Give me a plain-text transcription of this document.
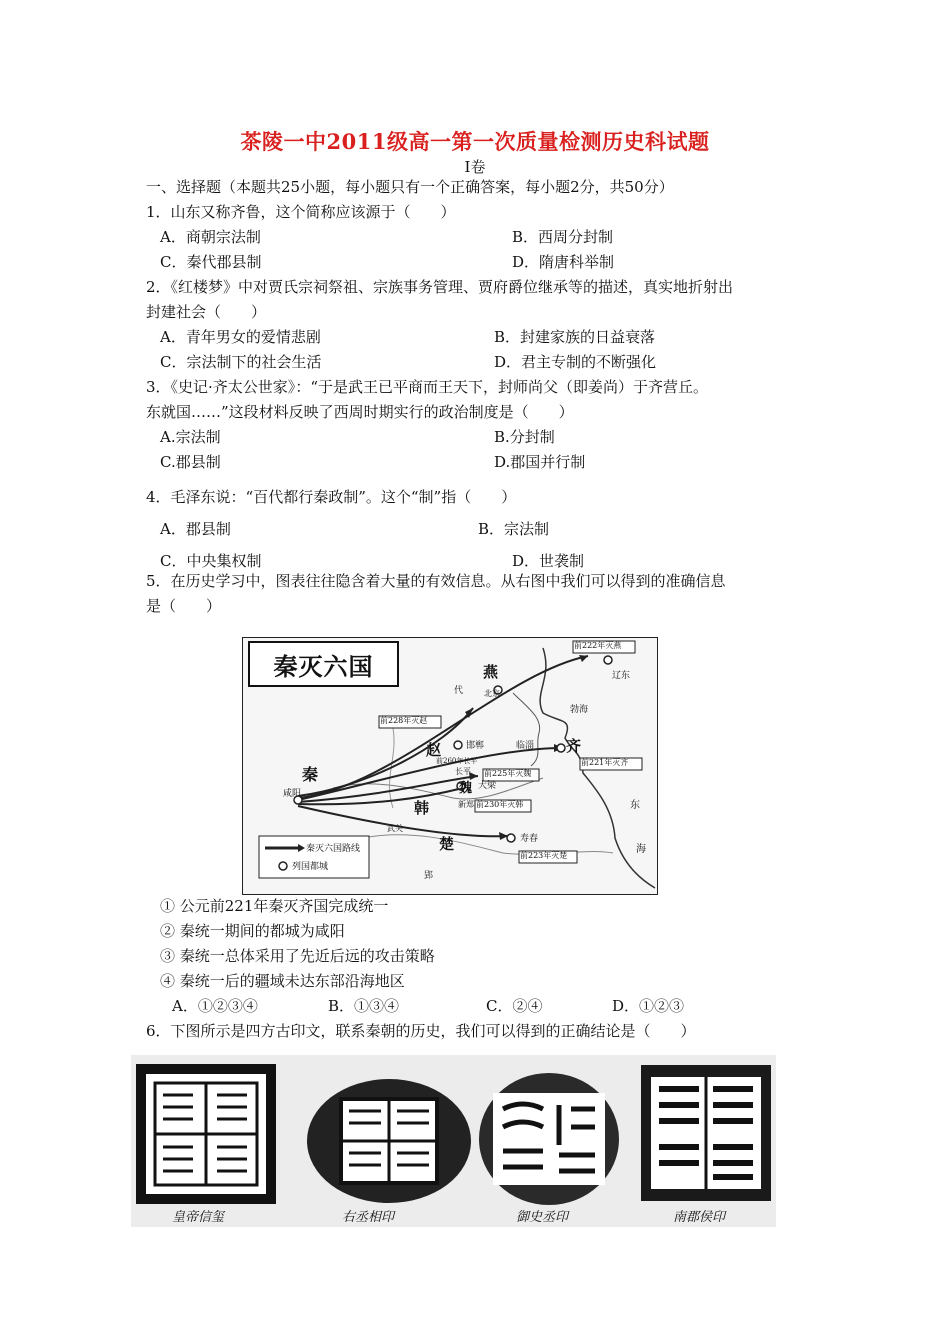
茶陵一中2011级高一第一次质量检测历史科试题
I卷
一、选择题（本题共25小题，每小题只有一个正确答案，每小题2分，共50分）
1．山东又称齐鲁，这个简称应该源于（　　）
A．商朝宗法制	B．西周分封制
C．秦代郡县制	D．隋唐科举制
2．《红楼梦》中对贾氏宗祠祭祖、宗族事务管理、贾府爵位继承等的描述，真实地折射出
封建社会（　　）
A．青年男女的爱情悲剧	B．封建家族的日益衰落
C．宗法制下的社会生活	D．君主专制的不断强化
3．《史记·齐太公世家》：“于是武王已平商而王天下，封师尚父（即姜尚）于齐营丘。
东就国……”这段材料反映了西周时期实行的政治制度是（　　）
A.宗法制	B.分封制
C.郡县制	D.郡国并行制
4．毛泽东说：“百代都行秦政制”。这个“制”指（　　）
A．郡县制	B．宗法制
C．中央集权制	D．世袭制
5．在历史学习中，图表往往隐含着大量的有效信息。从右图中我们可以得到的准确信息
是（　　）
秦灭六国	燕
赵	齐
秦
魏
韩
楚
辽东
北京
邯郸	临淄
咸阳
大梁
新郑
寿春
郢
代
武关
长平
勃海
东
海
前222年灭燕
前228年灭赵
前221年灭齐
前225年灭魏
前230年灭韩
前223年灭楚
前260年长平
秦灭六国路线
列国都城
① 公元前221年秦灭齐国完成统一
② 秦统一期间的都城为咸阳
③ 秦统一总体采用了先近后远的攻击策略
④ 秦统一后的疆域未达东部沿海地区
A．①②③④	B．①③④	C．②④	D．①②③
6．下图所示是四方古印文，联系秦朝的历史，我们可以得到的正确结论是（　　）
皇帝信玺	右丞相印	御史丞印	南郡侯印
